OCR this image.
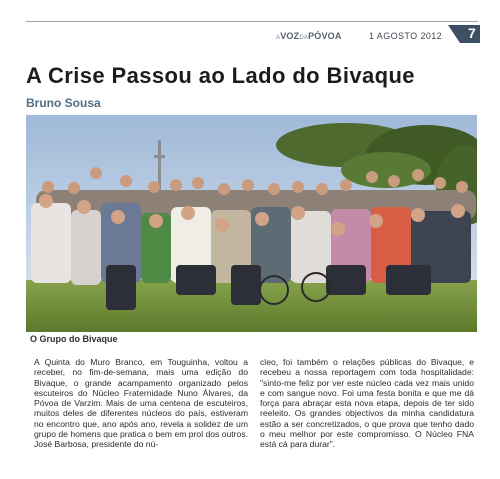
AVOZDAPÓVOA	1 AGOSTO 2012 7
A Crise Passou ao Lado do Bivaque
Bruno Sousa
O Grupo do Bivaque
A Quinta do Muro Branco, em Touguinha, voltou a receber, no fim-de-semana, mais uma edição do Bivaque, o grande acampamento organizado pelos escuteiros do Núcleo Fraternidade Nuno Álvares, da Póvoa de Varzim. Mais de uma centena de escuteiros, muitos deles de diferentes núcleos do país, estiveram no encontro que, ano após ano, revela a solidez de um grupo de homens que pratica o bem em prol dos outros. José Barbosa, presidente do nú-
cleo, foi também o relações públicas do Bivaque, e recebeu a nossa reportagem com toda hospitalidade: "sinto-me feliz por ver este núcleo cada vez mais unido e com sangue novo. Foi uma festa bonita e que me dá força para abraçar esta nova etapa, depois de ter sido reeleito. Os grandes objectivos da minha candidatura estão a ser concretizados, o que prova que tenho dado o meu melhor por este compromisso. O Núcleo FNA está cá para durar".
